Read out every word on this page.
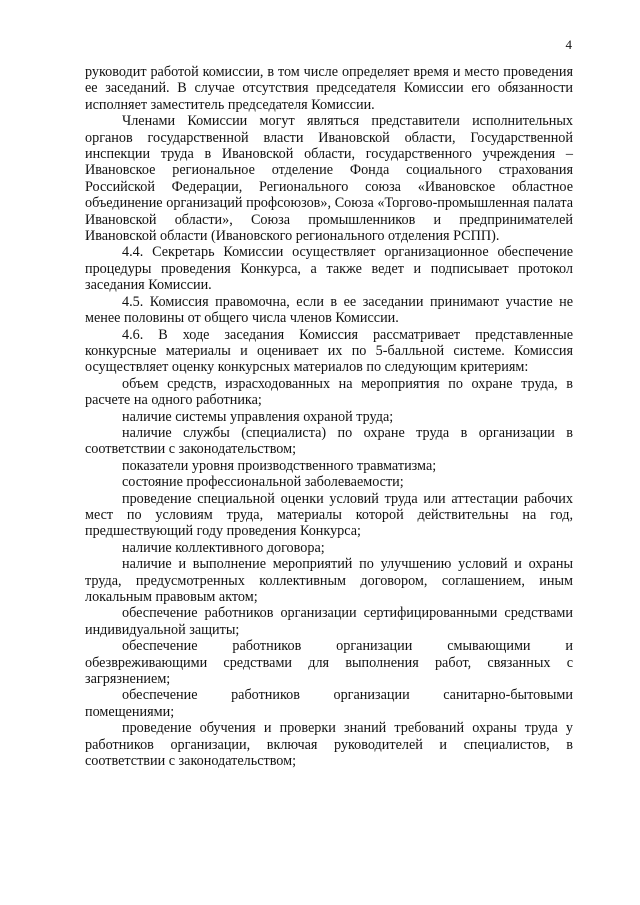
4

руководит работой комиссии, в том числе определяет время и место проведения ее заседаний. В случае отсутствия председателя Комиссии его обязанности исполняет заместитель председателя Комиссии.

Членами Комиссии могут являться представители исполнительных органов государственной власти Ивановской области, Государственной инспекции труда в Ивановской области, государственного учреждения – Ивановское региональное отделение Фонда социального страхования Российской Федерации, Регионального союза «Ивановское областное объединение организаций профсоюзов», Союза «Торгово-промышленная палата Ивановской области», Союза промышленников и предпринимателей Ивановской области (Ивановского регионального отделения РСПП).

4.4. Секретарь Комиссии осуществляет организационное обеспечение процедуры проведения Конкурса, а также ведет и подписывает протокол заседания Комиссии.

4.5. Комиссия правомочна, если в ее заседании принимают участие не менее половины от общего числа членов Комиссии.

4.6. В ходе заседания Комиссия рассматривает представленные конкурсные материалы и оценивает их по 5-балльной системе. Комиссия осуществляет оценку конкурсных материалов по следующим критериям:

объем средств, израсходованных на мероприятия по охране труда, в расчете на одного работника;

наличие системы управления охраной труда;

наличие службы (специалиста) по охране труда в организации в соответствии с законодательством;

показатели уровня производственного травматизма;

состояние профессиональной заболеваемости;

проведение специальной оценки условий труда или аттестации рабочих мест по условиям труда, материалы которой действительны на год, предшествующий году проведения Конкурса;

наличие коллективного договора;

наличие и выполнение мероприятий по улучшению условий и охраны труда, предусмотренных коллективным договором, соглашением, иным локальным правовым актом;

обеспечение работников организации сертифицированными средствами индивидуальной защиты;

обеспечение работников организации смывающими и обезвреживающими средствами для выполнения работ, связанных с загрязнением;

обеспечение работников организации санитарно-бытовыми помещениями;

проведение обучения и проверки знаний требований охраны труда у работников организации, включая руководителей и специалистов, в соответствии с законодательством;
